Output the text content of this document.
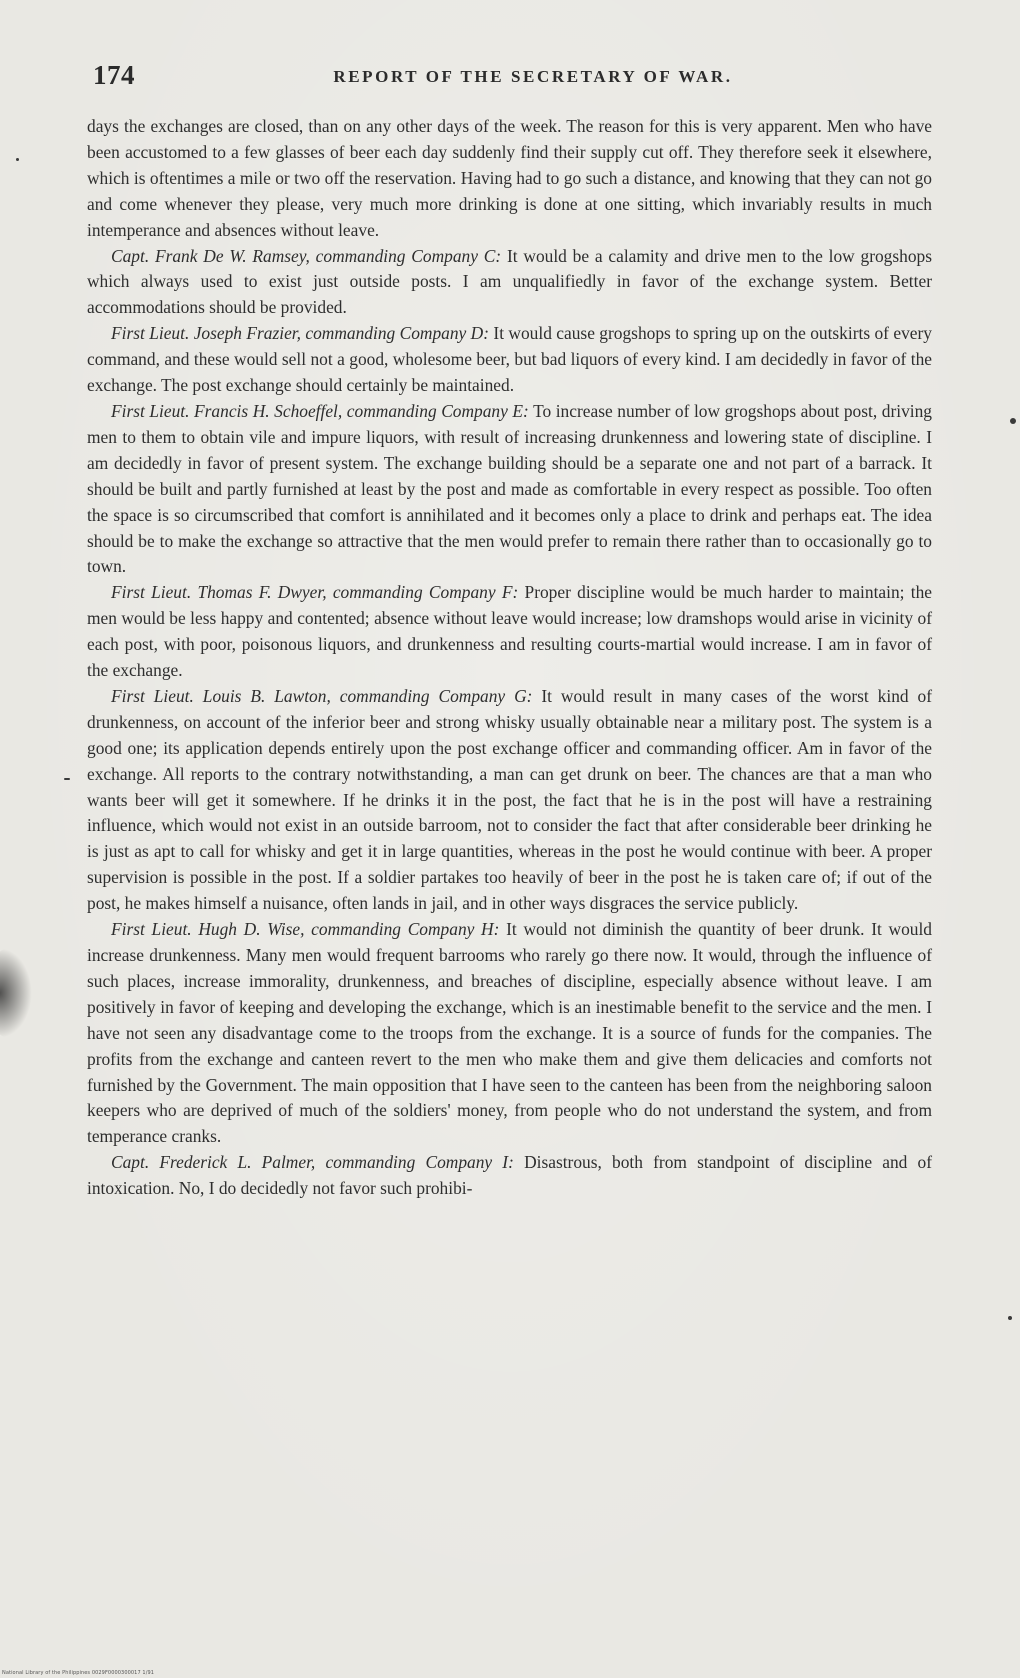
174	REPORT OF THE SECRETARY OF WAR.

days the exchanges are closed, than on any other days of the week. The reason for this is very apparent. Men who have been accustomed to a few glasses of beer each day suddenly find their supply cut off. They therefore seek it elsewhere, which is oftentimes a mile or two off the reservation. Having had to go such a distance, and knowing that they can not go and come whenever they please, very much more drinking is done at one sitting, which invariably results in much intemperance and absences without leave.

Capt. Frank De W. Ramsey, commanding Company C: It would be a calamity and drive men to the low grogshops which always used to exist just outside posts. I am unqualifiedly in favor of the exchange system. Better accommodations should be provided.

First Lieut. Joseph Frazier, commanding Company D: It would cause grogshops to spring up on the outskirts of every command, and these would sell not a good, wholesome beer, but bad liquors of every kind. I am decidedly in favor of the exchange. The post exchange should certainly be maintained.

First Lieut. Francis H. Schoeffel, commanding Company E: To increase number of low grogshops about post, driving men to them to obtain vile and impure liquors, with result of increasing drunkenness and lowering state of discipline. I am decidedly in favor of present system. The exchange building should be a separate one and not part of a barrack. It should be built and partly furnished at least by the post and made as comfortable in every respect as possible. Too often the space is so circumscribed that comfort is annihilated and it becomes only a place to drink and perhaps eat. The idea should be to make the exchange so attractive that the men would prefer to remain there rather than to occasionally go to town.

First Lieut. Thomas F. Dwyer, commanding Company F: Proper discipline would be much harder to maintain; the men would be less happy and contented; absence without leave would increase; low dramshops would arise in vicinity of each post, with poor, poisonous liquors, and drunkenness and resulting courts-martial would increase. I am in favor of the exchange.

First Lieut. Louis B. Lawton, commanding Company G: It would result in many cases of the worst kind of drunkenness, on account of the inferior beer and strong whisky usually obtainable near a military post. The system is a good one; its application depends entirely upon the post exchange officer and commanding officer. Am in favor of the exchange. All reports to the contrary notwithstanding, a man can get drunk on beer. The chances are that a man who wants beer will get it somewhere. If he drinks it in the post, the fact that he is in the post will have a restraining influence, which would not exist in an outside barroom, not to consider the fact that after considerable beer drinking he is just as apt to call for whisky and get it in large quantities, whereas in the post he would continue with beer. A proper supervision is possible in the post. If a soldier partakes too heavily of beer in the post he is taken care of; if out of the post, he makes himself a nuisance, often lands in jail, and in other ways disgraces the service publicly.

First Lieut. Hugh D. Wise, commanding Company H: It would not diminish the quantity of beer drunk. It would increase drunkenness. Many men would frequent barrooms who rarely go there now. It would, through the influence of such places, increase immorality, drunkenness, and breaches of discipline, especially absence without leave. I am positively in favor of keeping and developing the exchange, which is an inestimable benefit to the service and the men. I have not seen any disadvantage come to the troops from the exchange. It is a source of funds for the companies. The profits from the exchange and canteen revert to the men who make them and give them delicacies and comforts not furnished by the Government. The main opposition that I have seen to the canteen has been from the neighboring saloon keepers who are deprived of much of the soldiers' money, from people who do not understand the system, and from temperance cranks.

Capt. Frederick L. Palmer, commanding Company I: Disastrous, both from standpoint of discipline and of intoxication. No, I do decidedly not favor such prohibi-

National Library of the Philippines 0029F0000300017 1/91
